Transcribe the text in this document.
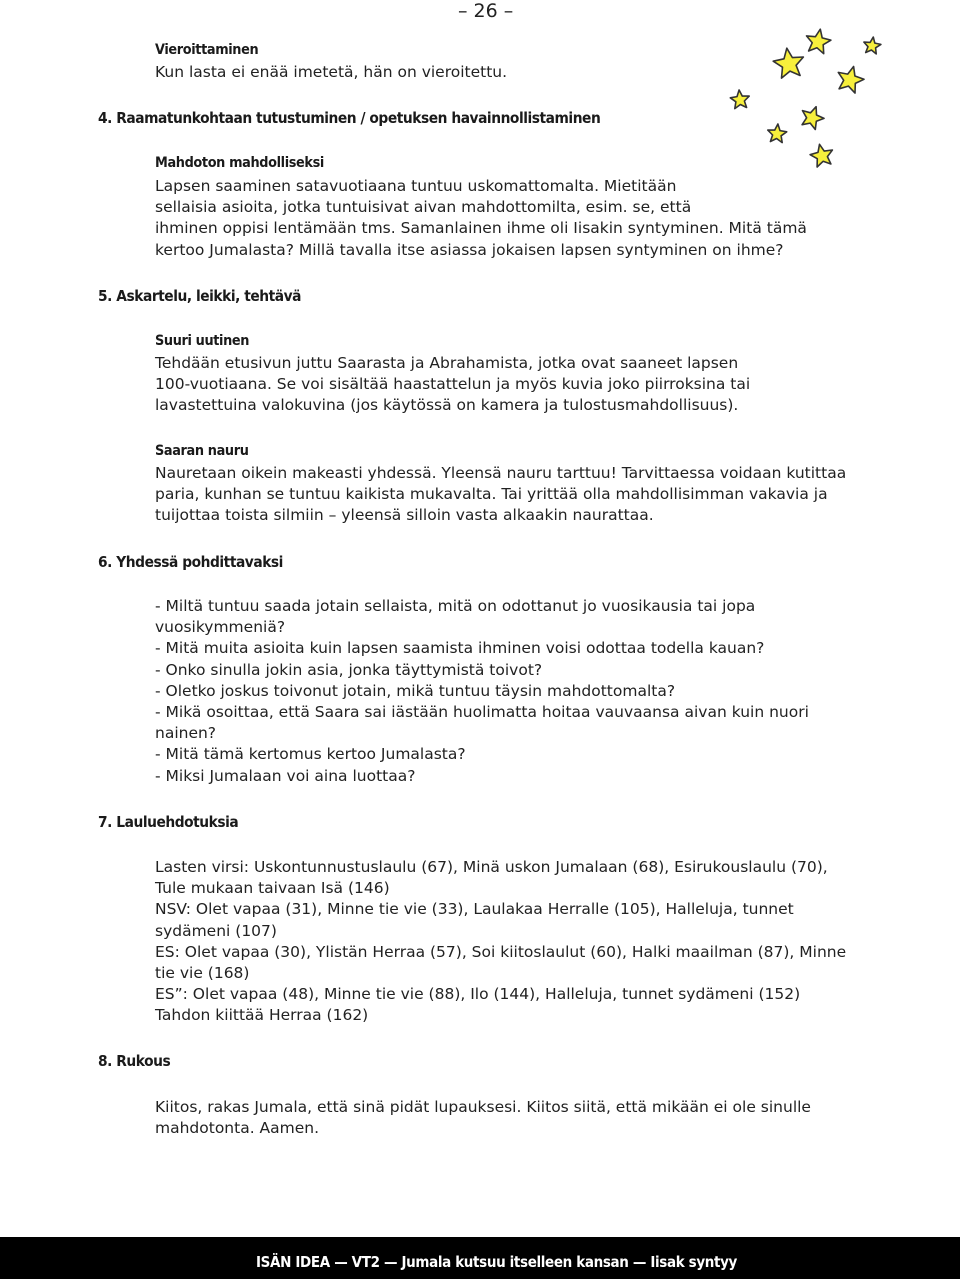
– 26 –
Vieroittaminen
Kun lasta ei enää imetetä, hän on vieroitettu.
4. Raamatunkohtaan tutustuminen / opetuksen havainnollistaminen
Mahdoton mahdolliseksi
Lapsen saaminen satavuotiaana tuntuu uskomattomalta. Mietitään
sellaisia asioita, jotka tuntuisivat aivan mahdottomilta, esim. se, että
ihminen oppisi lentämään tms. Samanlainen ihme oli Iisakin syntyminen. Mitä tämä
kertoo Jumalasta? Millä tavalla itse asiassa jokaisen lapsen syntyminen on ihme?
5. Askartelu, leikki, tehtävä
Suuri uutinen
Tehdään etusivun juttu Saarasta ja Abrahamista, jotka ovat saaneet lapsen
100-vuotiaana. Se voi sisältää haastattelun ja myös kuvia joko piirroksina tai
lavastettuina valokuvina (jos käytössä on kamera ja tulostusmahdollisuus).
Saaran nauru
Nauretaan oikein makeasti yhdessä. Yleensä nauru tarttuu! Tarvittaessa voidaan kutittaa
paria, kunhan se tuntuu kaikista mukavalta. Tai yrittää olla mahdollisimman vakavia ja
tuijottaa toista silmiin – yleensä silloin vasta alkaakin naurattaa.
6. Yhdessä pohdittavaksi
- Miltä tuntuu saada jotain sellaista, mitä on odottanut jo vuosikausia tai jopa
vuosikymmeniä?
- Mitä muita asioita kuin lapsen saamista ihminen voisi odottaa todella kauan?
- Onko sinulla jokin asia, jonka täyttymistä toivot?
- Oletko joskus toivonut jotain, mikä tuntuu täysin mahdottomalta?
- Mikä osoittaa, että Saara sai iästään huolimatta hoitaa vauvaansa aivan kuin nuori
nainen?
- Mitä tämä kertomus kertoo Jumalasta?
- Miksi Jumalaan voi aina luottaa?
7. Lauluehdotuksia
Lasten virsi: Uskontunnustuslaulu (67), Minä uskon Jumalaan (68), Esirukouslaulu (70),
Tule mukaan taivaan Isä (146)
NSV: Olet vapaa (31), Minne tie vie (33), Laulakaa Herralle (105), Halleluja, tunnet
sydämeni (107)
ES: Olet vapaa (30), Ylistän Herraa (57), Soi kiitoslaulut (60), Halki maailman (87), Minne
tie vie (168)
ES”: Olet vapaa (48), Minne tie vie (88), Ilo (144), Halleluja, tunnet sydämeni (152)
Tahdon kiittää Herraa (162)
8. Rukous
Kiitos, rakas Jumala, että sinä pidät lupauksesi. Kiitos siitä, että mikään ei ole sinulle
mahdotonta. Aamen.
ISÄN IDEA — VT2 — Jumala kutsuu itselleen kansan — Iisak syntyy
